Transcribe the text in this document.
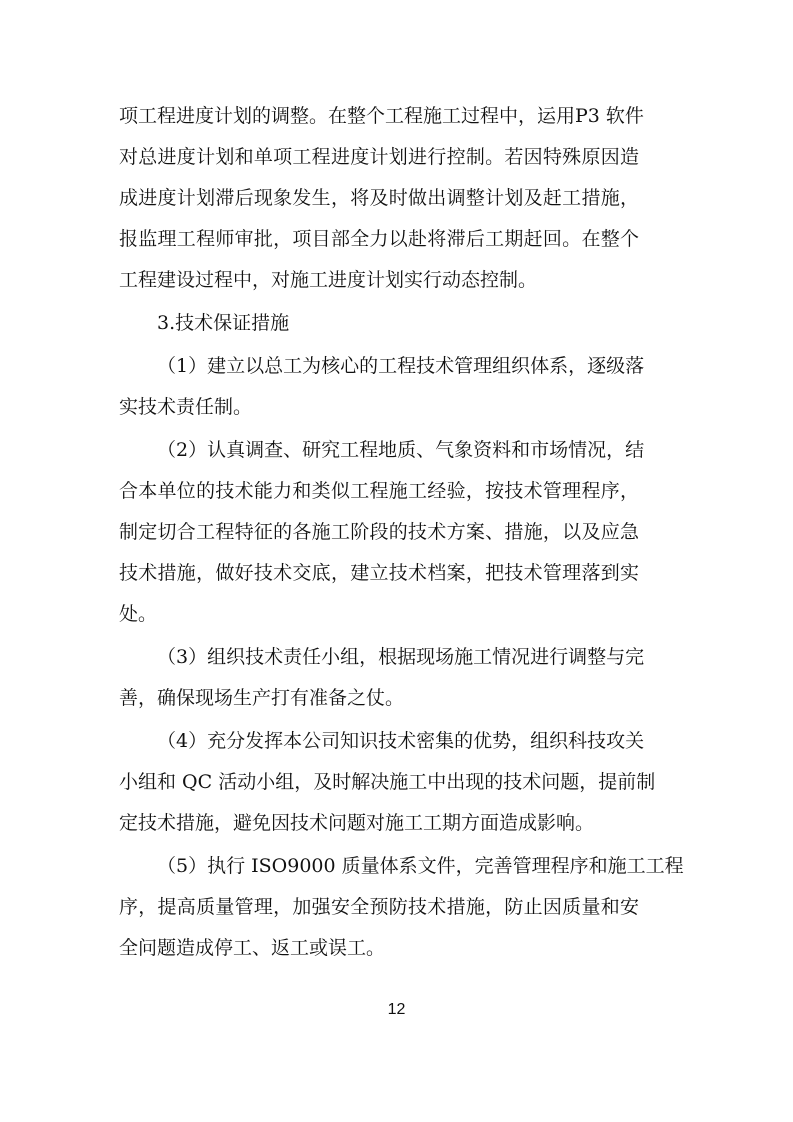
项工程进度计划的调整。在整个工程施工过程中，运用P3 软件
对总进度计划和单项工程进度计划进行控制。若因特殊原因造
成进度计划滞后现象发生，将及时做出调整计划及赶工措施，
报监理工程师审批，项目部全力以赴将滞后工期赶回。在整个
工程建设过程中，对施工进度计划实行动态控制。
3.技术保证措施
（1）建立以总工为核心的工程技术管理组织体系，逐级落
实技术责任制。
（2）认真调查、研究工程地质、气象资料和市场情况，结
合本单位的技术能力和类似工程施工经验，按技术管理程序，
制定切合工程特征的各施工阶段的技术方案、措施，以及应急
技术措施，做好技术交底，建立技术档案，把技术管理落到实
处。
（3）组织技术责任小组，根据现场施工情况进行调整与完
善，确保现场生产打有准备之仗。
（4）充分发挥本公司知识技术密集的优势，组织科技攻关
小组和 QC 活动小组，及时解决施工中出现的技术问题，提前制
定技术措施，避免因技术问题对施工工期方面造成影响。
（5）执行 ISO9000 质量体系文件，完善管理程序和施工工程
序，提高质量管理，加强安全预防技术措施，防止因质量和安
全问题造成停工、返工或误工。
12
